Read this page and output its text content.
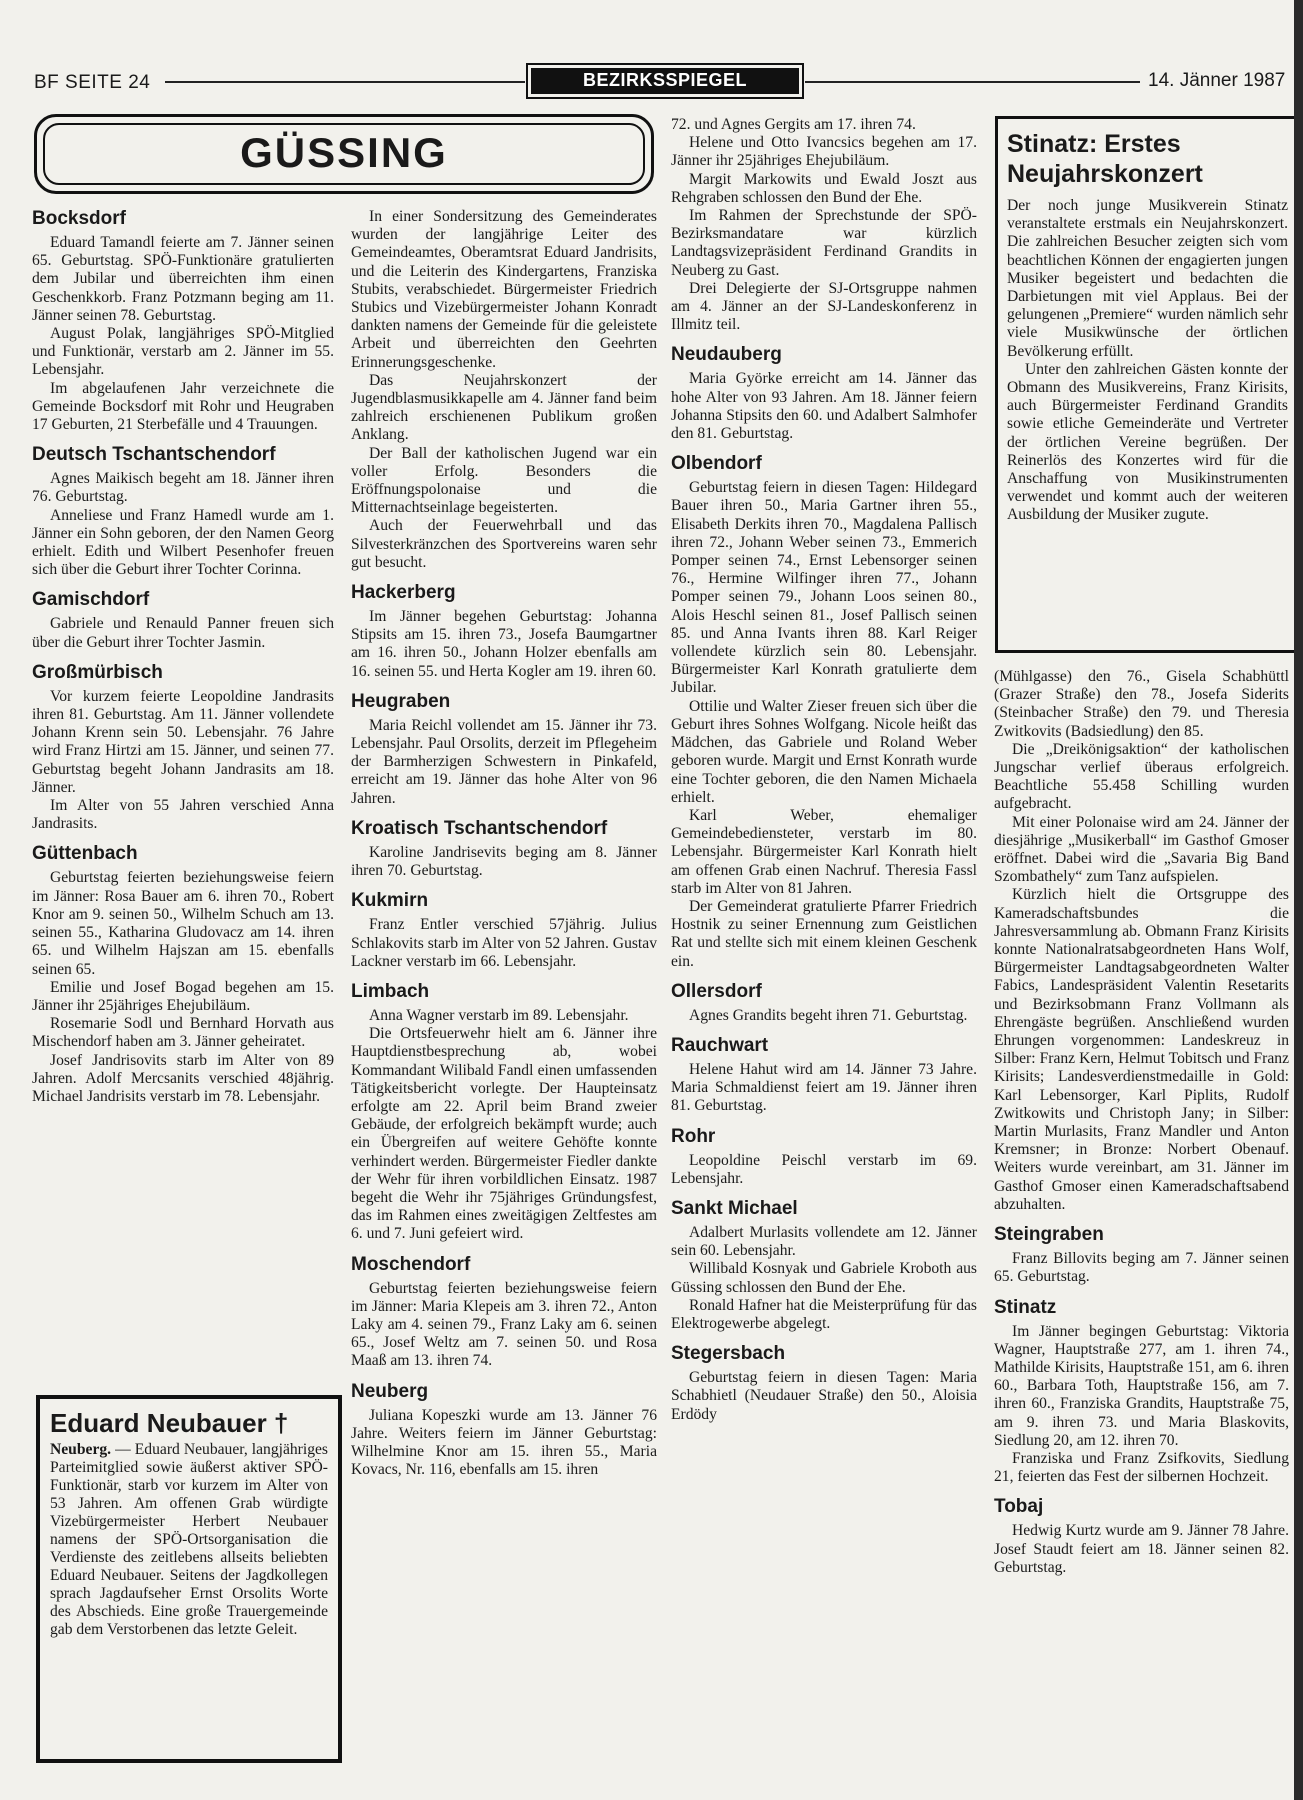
BF SEITE 24	BEZIRKSSPIEGEL	14. Jänner 1987
GÜSSING
Bocksdorf

Eduard Tamandl feierte am 7. Jänner seinen 65. Geburtstag. SPÖ-Funktionäre gratulierten dem Jubilar und überreichten ihm einen Geschenkkorb. Franz Potzmann beging am 11. Jänner seinen 78. Geburtstag.

August Polak, langjähriges SPÖ-Mitglied und Funktionär, verstarb am 2. Jänner im 55. Lebensjahr.

Im abgelaufenen Jahr verzeichnete die Gemeinde Bocksdorf mit Rohr und Heugraben 17 Geburten, 21 Sterbefälle und 4 Trauungen.

Deutsch Tschantschendorf

Agnes Maikisch begeht am 18. Jänner ihren 76. Geburtstag.

Anneliese und Franz Hamedl wurde am 1. Jänner ein Sohn geboren, der den Namen Georg erhielt. Edith und Wilbert Pesenhofer freuen sich über die Geburt ihrer Tochter Corinna.

Gamischdorf

Gabriele und Renauld Panner freuen sich über die Geburt ihrer Tochter Jasmin.

Großmürbisch

Vor kurzem feierte Leopoldine Jandrasits ihren 81. Geburtstag. Am 11. Jänner vollendete Johann Krenn sein 50. Lebensjahr. 76 Jahre wird Franz Hirtzi am 15. Jänner, und seinen 77. Geburtstag begeht Johann Jandrasits am 18. Jänner.

Im Alter von 55 Jahren verschied Anna Jandrasits.

Güttenbach

Geburtstag feierten beziehungsweise feiern im Jänner: Rosa Bauer am 6. ihren 70., Robert Knor am 9. seinen 50., Wilhelm Schuch am 13. seinen 55., Katharina Gludovacz am 14. ihren 65. und Wilhelm Hajszan am 15. ebenfalls seinen 65.

Emilie und Josef Bogad begehen am 15. Jänner ihr 25jähriges Ehejubiläum.

Rosemarie Sodl und Bernhard Horvath aus Mischendorf haben am 3. Jänner geheiratet.

Josef Jandrisovits starb im Alter von 89 Jahren. Adolf Mercsanits verschied 48jährig. Michael Jandrisits verstarb im 78. Lebensjahr.

Eduard Neubauer †
Neuberg. — Eduard Neubauer, langjähriges Parteimitglied sowie äußerst aktiver SPÖ-Funktionär, starb vor kurzem im Alter von 53 Jahren. Am offenen Grab würdigte Vizebürgermeister Herbert Neubauer namens der SPÖ-Ortsorganisation die Verdienste des zeitlebens allseits beliebten Eduard Neubauer. Seitens der Jagdkollegen sprach Jagdaufseher Ernst Orsolits Worte des Abschieds. Eine große Trauergemeinde gab dem Verstorbenen das letzte Geleit.

In einer Sondersitzung des Gemeinderates wurden der langjährige Leiter des Gemeindeamtes, Oberamtsrat Eduard Jandrisits, und die Leiterin des Kindergartens, Franziska Stubits, verabschiedet. Bürgermeister Friedrich Stubics und Vizebürgermeister Johann Konradt dankten namens der Gemeinde für die geleistete Arbeit und überreichten den Geehrten Erinnerungsgeschenke.

Das Neujahrskonzert der Jugendblasmusikkapelle am 4. Jänner fand beim zahlreich erschienenen Publikum großen Anklang.

Der Ball der katholischen Jugend war ein voller Erfolg. Besonders die Eröffnungspolonaise und die Mitternachtseinlage begeisterten.

Auch der Feuerwehrball und das Silvesterkränzchen des Sportvereins waren sehr gut besucht.

Hackerberg

Im Jänner begehen Geburtstag: Johanna Stipsits am 15. ihren 73., Josefa Baumgartner am 16. ihren 50., Johann Holzer ebenfalls am 16. seinen 55. und Herta Kogler am 19. ihren 60.

Heugraben

Maria Reichl vollendet am 15. Jänner ihr 73. Lebensjahr. Paul Orsolits, derzeit im Pflegeheim der Barmherzigen Schwestern in Pinkafeld, erreicht am 19. Jänner das hohe Alter von 96 Jahren.

Kroatisch Tschantschendorf

Karoline Jandrisevits beging am 8. Jänner ihren 70. Geburtstag.

Kukmirn

Franz Entler verschied 57jährig. Julius Schlakovits starb im Alter von 52 Jahren. Gustav Lackner verstarb im 66. Lebensjahr.

Limbach

Anna Wagner verstarb im 89. Lebensjahr.

Die Ortsfeuerwehr hielt am 6. Jänner ihre Hauptdienstbesprechung ab, wobei Kommandant Wilibald Fandl einen umfassenden Tätigkeitsbericht vorlegte. Der Haupteinsatz erfolgte am 22. April beim Brand zweier Gebäude, der erfolgreich bekämpft wurde; auch ein Übergreifen auf weitere Gehöfte konnte verhindert werden. Bürgermeister Fiedler dankte der Wehr für ihren vorbildlichen Einsatz. 1987 begeht die Wehr ihr 75jähriges Gründungsfest, das im Rahmen eines zweitägigen Zeltfestes am 6. und 7. Juni gefeiert wird.

Moschendorf

Geburtstag feierten beziehungsweise feiern im Jänner: Maria Klepeis am 3. ihren 72., Anton Laky am 4. seinen 79., Franz Laky am 6. seinen 65., Josef Weltz am 7. seinen 50. und Rosa Maaß am 13. ihren 74.

Neuberg

Juliana Kopeszki wurde am 13. Jänner 76 Jahre. Weiters feiern im Jänner Geburtstag: Wilhelmine Knor am 15. ihren 55., Maria Kovacs, Nr. 116, ebenfalls am 15. ihren

72. und Agnes Gergits am 17. ihren 74.

Helene und Otto Ivancsics begehen am 17. Jänner ihr 25jähriges Ehejubiläum.

Margit Markowits und Ewald Joszt aus Rehgraben schlossen den Bund der Ehe.

Im Rahmen der Sprechstunde der SPÖ-Bezirksmandatare war kürzlich Landtagsvizepräsident Ferdinand Grandits in Neuberg zu Gast.

Drei Delegierte der SJ-Ortsgruppe nahmen am 4. Jänner an der SJ-Landeskonferenz in Illmitz teil.

Neudauberg

Maria Györke erreicht am 14. Jänner das hohe Alter von 93 Jahren. Am 18. Jänner feiern Johanna Stipsits den 60. und Adalbert Salmhofer den 81. Geburtstag.

Olbendorf

Geburtstag feiern in diesen Tagen: Hildegard Bauer ihren 50., Maria Gartner ihren 55., Elisabeth Derkits ihren 70., Magdalena Pallisch ihren 72., Johann Weber seinen 73., Emmerich Pomper seinen 74., Ernst Lebensorger seinen 76., Hermine Wilfinger ihren 77., Johann Pomper seinen 79., Johann Loos seinen 80., Alois Heschl seinen 81., Josef Pallisch seinen 85. und Anna Ivants ihren 88. Karl Reiger vollendete kürzlich sein 80. Lebensjahr. Bürgermeister Karl Konrath gratulierte dem Jubilar.

Ottilie und Walter Zieser freuen sich über die Geburt ihres Sohnes Wolfgang. Nicole heißt das Mädchen, das Gabriele und Roland Weber geboren wurde. Margit und Ernst Konrath wurde eine Tochter geboren, die den Namen Michaela erhielt.

Karl Weber, ehemaliger Gemeindebediensteter, verstarb im 80. Lebensjahr. Bürgermeister Karl Konrath hielt am offenen Grab einen Nachruf. Theresia Fassl starb im Alter von 81 Jahren.

Der Gemeinderat gratulierte Pfarrer Friedrich Hostnik zu seiner Ernennung zum Geistlichen Rat und stellte sich mit einem kleinen Geschenk ein.

Ollersdorf

Agnes Grandits begeht ihren 71. Geburtstag.

Rauchwart

Helene Hahut wird am 14. Jänner 73 Jahre. Maria Schmaldienst feiert am 19. Jänner ihren 81. Geburtstag.

Rohr

Leopoldine Peischl verstarb im 69. Lebensjahr.

Sankt Michael

Adalbert Murlasits vollendete am 12. Jänner sein 60. Lebensjahr.

Willibald Kosnyak und Gabriele Kroboth aus Güssing schlossen den Bund der Ehe.

Ronald Hafner hat die Meisterprüfung für das Elektrogewerbe abgelegt.

Stegersbach

Geburtstag feiern in diesen Tagen: Maria Schabhietl (Neudauer Straße) den 50., Aloisia Erdödy

Stinatz: Erstes Neujahrskonzert

Der noch junge Musikverein Stinatz veranstaltete erstmals ein Neujahrskonzert. Die zahlreichen Besucher zeigten sich vom beachtlichen Können der engagierten jungen Musiker begeistert und bedachten die Darbietungen mit viel Applaus. Bei der gelungenen „Premiere“ wurden nämlich sehr viele Musikwünsche der örtlichen Bevölkerung erfüllt.

Unter den zahlreichen Gästen konnte der Obmann des Musikvereins, Franz Kirisits, auch Bürgermeister Ferdinand Grandits sowie etliche Gemeinderäte und Vertreter der örtlichen Vereine begrüßen. Der Reinerlös des Konzertes wird für die Anschaffung von Musikinstrumenten verwendet und kommt auch der weiteren Ausbildung der Musiker zugute.

(Mühlgasse) den 76., Gisela Schabhüttl (Grazer Straße) den 78., Josefa Siderits (Steinbacher Straße) den 79. und Theresia Zwitkovits (Badsiedlung) den 85.

Die „Dreikönigsaktion“ der katholischen Jungschar verlief überaus erfolgreich. Beachtliche 55.458 Schilling wurden aufgebracht.

Mit einer Polonaise wird am 24. Jänner der diesjährige „Musikerball“ im Gasthof Gmoser eröffnet. Dabei wird die „Savaria Big Band Szombathely“ zum Tanz aufspielen.

Kürzlich hielt die Ortsgruppe des Kameradschaftsbundes die Jahresversammlung ab. Obmann Franz Kirisits konnte Nationalratsabgeordneten Hans Wolf, Bürgermeister Landtagsabgeordneten Walter Fabics, Landespräsident Valentin Resetarits und Bezirksobmann Franz Vollmann als Ehrengäste begrüßen. Anschließend wurden Ehrungen vorgenommen: Landeskreuz in Silber: Franz Kern, Helmut Tobitsch und Franz Kirisits; Landesverdienstmedaille in Gold: Karl Lebensorger, Karl Piplits, Rudolf Zwitkowits und Christoph Jany; in Silber: Martin Murlasits, Franz Mandler und Anton Kremsner; in Bronze: Norbert Obenauf. Weiters wurde vereinbart, am 31. Jänner im Gasthof Gmoser einen Kameradschaftsabend abzuhalten.

Steingraben

Franz Billovits beging am 7. Jänner seinen 65. Geburtstag.

Stinatz

Im Jänner begingen Geburtstag: Viktoria Wagner, Hauptstraße 277, am 1. ihren 74., Mathilde Kirisits, Hauptstraße 151, am 6. ihren 60., Barbara Toth, Hauptstraße 156, am 7. ihren 60., Franziska Grandits, Hauptstraße 75, am 9. ihren 73. und Maria Blaskovits, Siedlung 20, am 12. ihren 70.

Franziska und Franz Zsifkovits, Siedlung 21, feierten das Fest der silbernen Hochzeit.

Tobaj

Hedwig Kurtz wurde am 9. Jänner 78 Jahre. Josef Staudt feiert am 18. Jänner seinen 82. Geburtstag.
